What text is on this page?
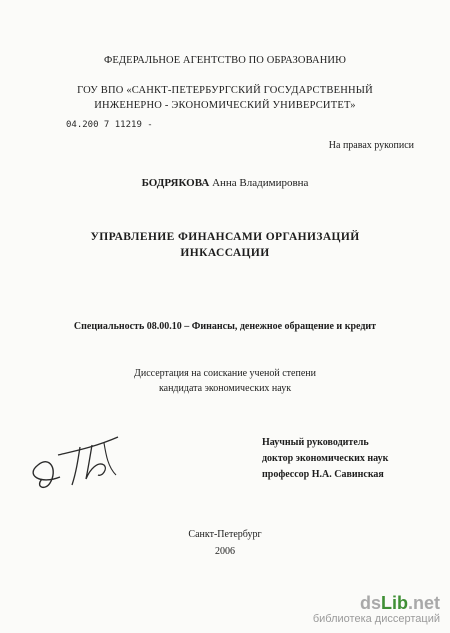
ФЕДЕРАЛЬНОЕ АГЕНТСТВО ПО ОБРАЗОВАНИЮ
ГОУ ВПО «САНКТ-ПЕТЕРБУРГСКИЙ ГОСУДАРСТВЕННЫЙ
ИНЖЕНЕРНО - ЭКОНОМИЧЕСКИЙ УНИВЕРСИТЕТ»
04.200 7 11219 -
На правах рукописи
БОДРЯКОВА Анна Владимировна
УПРАВЛЕНИЕ ФИНАНСАМИ ОРГАНИЗАЦИЙ
ИНКАССАЦИИ
Специальность 08.00.10 – Финансы, денежное обращение и кредит
Диссертация на соискание ученой степени
кандидата экономических наук
Научный руководитель
доктор экономических наук
профессор Н.А. Савинская
Санкт-Петербург
2006
dsLib.net
библиотека диссертаций
